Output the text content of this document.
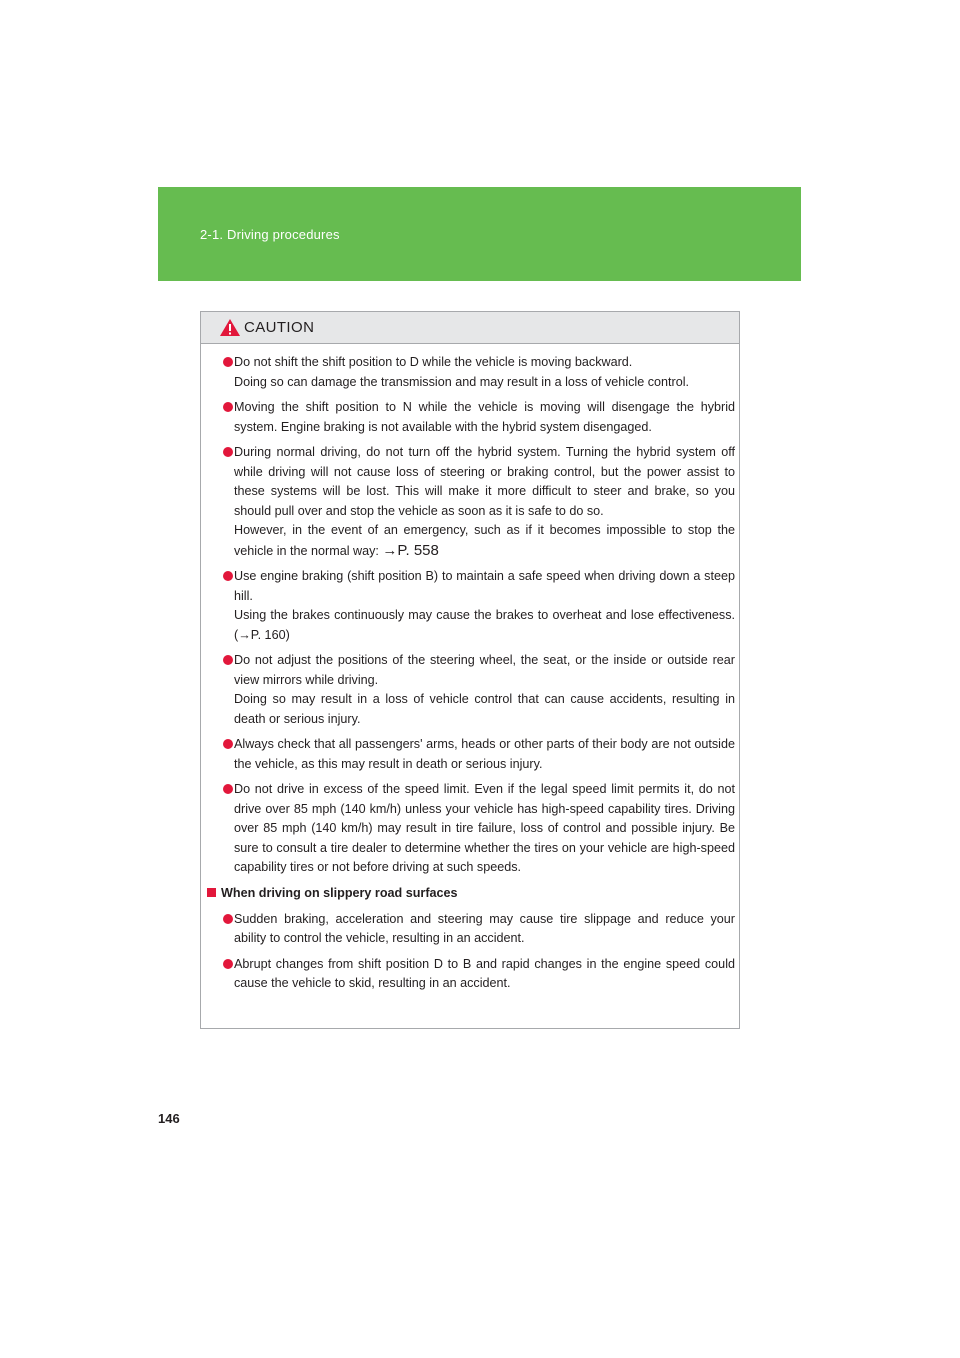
2-1. Driving procedures
CAUTION

Do not shift the shift position to D while the vehicle is moving backward.

Doing so can damage the transmission and may result in a loss of vehicle control.

Moving the shift position to N while the vehicle is moving will disengage the hybrid system. Engine braking is not available with the hybrid system disengaged.

During normal driving, do not turn off the hybrid system. Turning the hybrid system off while driving will not cause loss of steering or braking control, but the power assist to these systems will be lost. This will make it more difficult to steer and brake, so you should pull over and stop the vehicle as soon as it is safe to do so.

However, in the event of an emergency, such as if it becomes impossible to stop the vehicle in the normal way: →P. 558

Use engine braking (shift position B) to maintain a safe speed when driving down a steep hill.

Using the brakes continuously may cause the brakes to overheat and lose effectiveness. (→P. 160)

Do not adjust the positions of the steering wheel, the seat, or the inside or outside rear view mirrors while driving.

Doing so may result in a loss of vehicle control that can cause accidents, resulting in death or serious injury.

Always check that all passengers' arms, heads or other parts of their body are not outside the vehicle, as this may result in death or serious injury.

Do not drive in excess of the speed limit. Even if the legal speed limit permits it, do not drive over 85 mph (140 km/h) unless your vehicle has high-speed capability tires. Driving over 85 mph (140 km/h) may result in tire failure, loss of control and possible injury. Be sure to consult a tire dealer to determine whether the tires on your vehicle are high-speed capability tires or not before driving at such speeds.

When driving on slippery road surfaces

Sudden braking, acceleration and steering may cause tire slippage and reduce your ability to control the vehicle, resulting in an accident.

Abrupt changes from shift position D to B and rapid changes in the engine speed could cause the vehicle to skid, resulting in an accident.

146
